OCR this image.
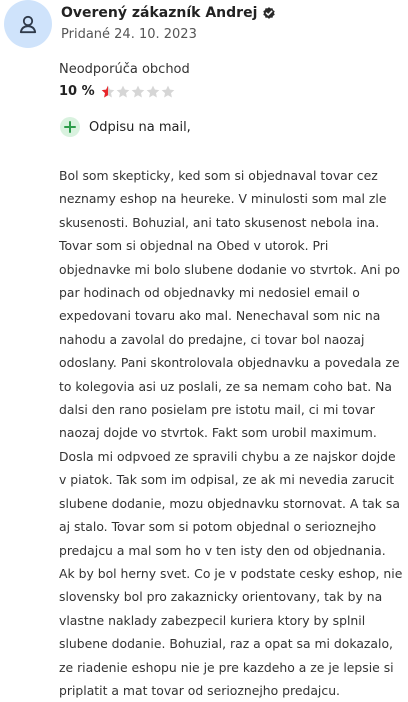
Overený zákazník Andrej
Pridané 24. 10. 2023
Neodporúča obchod
10 %
Odpisu na mail,

Bol som skepticky, ked som si objednaval tovar cez neznamy eshop na heureke. V minulosti som mal zle skusenosti. Bohuzial, ani tato skusenost nebola ina. Tovar som si objednal na Obed v utorok. Pri objednavke mi bolo slubene dodanie vo stvrtok. Ani po par hodinach od objednavky mi nedosiel email o expedovani tovaru ako mal. Nenechaval som nic na nahodu a zavolal do predajne, ci tovar bol naozaj odoslany. Pani skontrolovala objednavku a povedala ze to kolegovia asi uz poslali, ze sa nemam coho bat. Na dalsi den rano posielam pre istotu mail, ci mi tovar naozaj dojde vo stvrtok. Fakt som urobil maximum. Dosla mi odpvoed ze spravili chybu a ze najskor dojde v piatok. Tak som im odpisal, ze ak mi nevedia zarucit slubene dodanie, mozu objednavku stornovat. A tak sa aj stalo. Tovar som si potom objednal o serioznejho predajcu a mal som ho v ten isty den od objednania. Ak by bol herny svet. Co je v podstate cesky eshop, nie slovensky bol pro zakaznicky orientovany, tak by na vlastne naklady zabezpecil kuriera ktory by splnil slubene dodanie. Bohuzial, raz a opat sa mi dokazalo, ze riadenie eshopu nie je pre kazdeho a ze je lepsie si priplatit a mat tovar od serioznejho predajcu.
